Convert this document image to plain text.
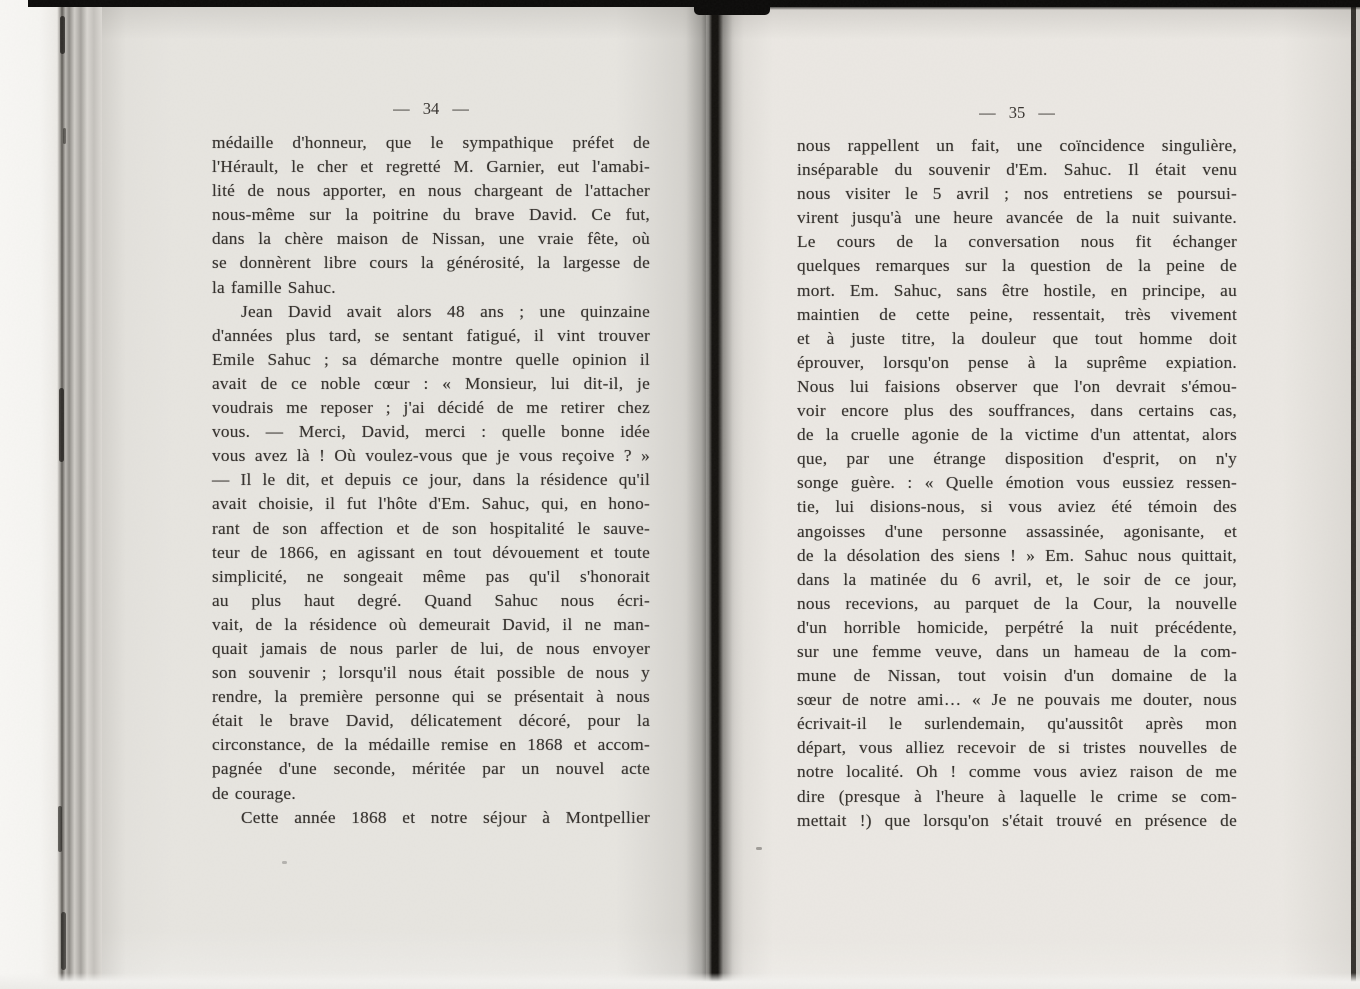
— 34 —	— 35 —
médaille d'honneur, que le sympathique préfet de
l'Hérault, le cher et regretté M. Garnier, eut l'amabi-
lité de nous apporter, en nous chargeant de l'attacher
nous-même sur la poitrine du brave David. Ce fut,
dans la chère maison de Nissan, une vraie fête, où
se donnèrent libre cours la générosité, la largesse de
la famille Sahuc.
Jean David avait alors 48 ans ; une quinzaine
d'années plus tard, se sentant fatigué, il vint trouver
Emile Sahuc ; sa démarche montre quelle opinion il
avait de ce noble cœur : « Monsieur, lui dit-il, je
voudrais me reposer ; j'ai décidé de me retirer chez
vous. — Merci, David, merci : quelle bonne idée
vous avez là ! Où voulez-vous que je vous reçoive ? »
— Il le dit, et depuis ce jour, dans la résidence qu'il
avait choisie, il fut l'hôte d'Em. Sahuc, qui, en hono-
rant de son affection et de son hospitalité le sauve-
teur de 1866, en agissant en tout dévouement et toute
simplicité, ne songeait même pas qu'il s'honorait
au plus haut degré. Quand Sahuc nous écri-
vait, de la résidence où demeurait David, il ne man-
quait jamais de nous parler de lui, de nous envoyer
son souvenir ; lorsqu'il nous était possible de nous y
rendre, la première personne qui se présentait à nous
était le brave David, délicatement décoré, pour la
circonstance, de la médaille remise en 1868 et accom-
pagnée d'une seconde, méritée par un nouvel acte
de courage.
Cette année 1868 et notre séjour à Montpellier
nous rappellent un fait, une coïncidence singulière,
inséparable du souvenir d'Em. Sahuc. Il était venu
nous visiter le 5 avril ; nos entretiens se poursui-
virent jusqu'à une heure avancée de la nuit suivante.
Le cours de la conversation nous fit échanger
quelques remarques sur la question de la peine de
mort. Em. Sahuc, sans être hostile, en principe, au
maintien de cette peine, ressentait, très vivement
et à juste titre, la douleur que tout homme doit
éprouver, lorsqu'on pense à la suprême expiation.
Nous lui faisions observer que l'on devrait s'émou-
voir encore plus des souffrances, dans certains cas,
de la cruelle agonie de la victime d'un attentat, alors
que, par une étrange disposition d'esprit, on n'y
songe guère. : « Quelle émotion vous eussiez ressen-
tie, lui disions-nous, si vous aviez été témoin des
angoisses d'une personne assassinée, agonisante, et
de la désolation des siens ! » Em. Sahuc nous quittait,
dans la matinée du 6 avril, et, le soir de ce jour,
nous recevions, au parquet de la Cour, la nouvelle
d'un horrible homicide, perpétré la nuit précédente,
sur une femme veuve, dans un hameau de la com-
mune de Nissan, tout voisin d'un domaine de la
sœur de notre ami… « Je ne pouvais me douter, nous
écrivait-il le surlendemain, qu'aussitôt après mon
départ, vous alliez recevoir de si tristes nouvelles de
notre localité. Oh ! comme vous aviez raison de me
dire (presque à l'heure à laquelle le crime se com-
mettait !) que lorsqu'on s'était trouvé en présence de
